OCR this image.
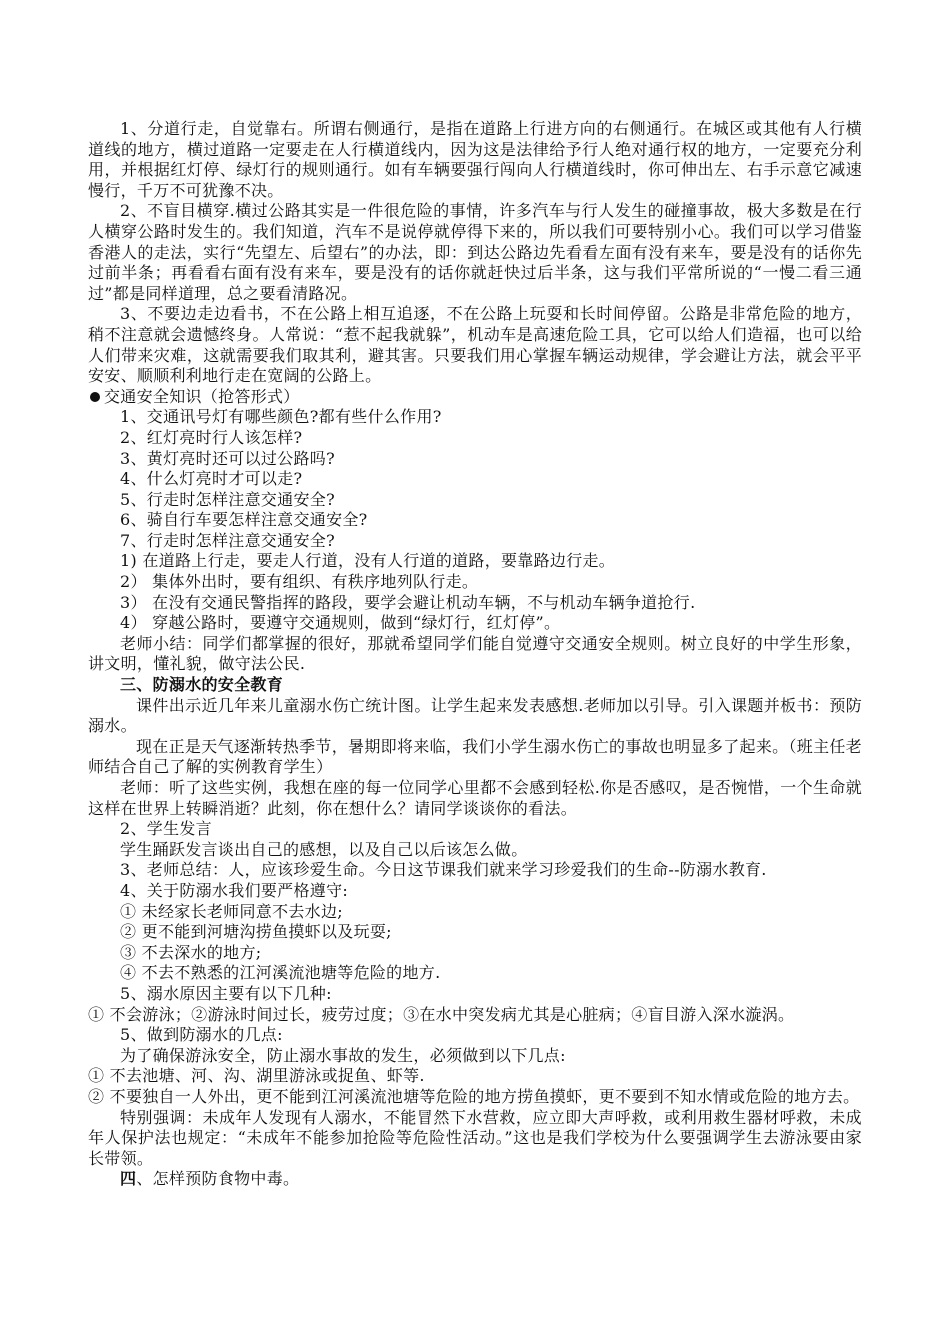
1、分道行走，自觉靠右。所谓右侧通行，是指在道路上行进方向的右侧通行。在城区或其他有人行横道线的地方，横过道路一定要走在人行横道线内，因为这是法律给予行人绝对通行权的地方，一定要充分利用，并根据红灯停、绿灯行的规则通行。如有车辆要强行闯向人行横道线时，你可伸出左、右手示意它减速慢行，千万不可犹豫不决。

2、不盲目横穿.横过公路其实是一件很危险的事情，许多汽车与行人发生的碰撞事故，极大多数是在行人横穿公路时发生的。我们知道，汽车不是说停就停得下来的，所以我们可要特别小心。我们可以学习借鉴香港人的走法，实行“先望左、后望右”的办法，即：到达公路边先看看左面有没有来车，要是没有的话你先过前半条；再看看右面有没有来车，要是没有的话你就赶快过后半条，这与我们平常所说的“一慢二看三通过”都是同样道理，总之要看清路况。

3、不要边走边看书，不在公路上相互追逐，不在公路上玩耍和长时间停留。公路是非常危险的地方，稍不注意就会遗憾终身。人常说：“惹不起我就躲”，机动车是高速危险工具，它可以给人们造福，也可以给人们带来灾难，这就需要我们取其利，避其害。只要我们用心掌握车辆运动规律，学会避让方法，就会平平安安、顺顺利利地行走在宽阔的公路上。

交通安全知识（抢答形式）

1、交通讯号灯有哪些颜色?都有些什么作用?

2、红灯亮时行人该怎样?

3、黄灯亮时还可以过公路吗?

4、什么灯亮时才可以走?

5、行走时怎样注意交通安全?

6、骑自行车要怎样注意交通安全?

7、行走时怎样注意交通安全?

1) 在道路上行走，要走人行道，没有人行道的道路，要靠路边行走。

2） 集体外出时，要有组织、有秩序地列队行走。

3） 在没有交通民警指挥的路段，要学会避让机动车辆，不与机动车辆争道抢行.

4） 穿越公路时，要遵守交通规则，做到“绿灯行，红灯停”。

老师小结：同学们都掌握的很好，那就希望同学们能自觉遵守交通安全规则。树立良好的中学生形象，讲文明，懂礼貌，做守法公民.

三、防溺水的安全教育

课件出示近几年来儿童溺水伤亡统计图。让学生起来发表感想.老师加以引导。引入课题并板书：预防溺水。

现在正是天气逐渐转热季节，暑期即将来临，我们小学生溺水伤亡的事故也明显多了起来。（班主任老师结合自己了解的实例教育学生）

老师：听了这些实例，我想在座的每一位同学心里都不会感到轻松.你是否感叹，是否惋惜，一个生命就这样在世界上转瞬消逝？此刻，你在想什么？请同学谈谈你的看法。

2、学生发言

学生踊跃发言谈出自己的感想，以及自己以后该怎么做。

3、老师总结：人，应该珍爱生命。今日这节课我们就来学习珍爱我们的生命--防溺水教育.

4、关于防溺水我们要严格遵守:

① 未经家长老师同意不去水边;

② 更不能到河塘沟捞鱼摸虾以及玩耍;

③ 不去深水的地方;

④ 不去不熟悉的江河溪流池塘等危险的地方.

5、溺水原因主要有以下几种:

① 不会游泳；②游泳时间过长，疲劳过度；③在水中突发病尤其是心脏病；④盲目游入深水漩涡。

5、做到防溺水的几点:

为了确保游泳安全，防止溺水事故的发生，必须做到以下几点:

① 不去池塘、河、沟、湖里游泳或捉鱼、虾等.

② 不要独自一人外出，更不能到江河溪流池塘等危险的地方捞鱼摸虾，更不要到不知水情或危险的地方去。

特别强调：未成年人发现有人溺水，不能冒然下水营救，应立即大声呼救，或利用救生器材呼救，未成年人保护法也规定：“未成年不能参加抢险等危险性活动。”这也是我们学校为什么要强调学生去游泳要由家长带领。

四、怎样预防食物中毒。
